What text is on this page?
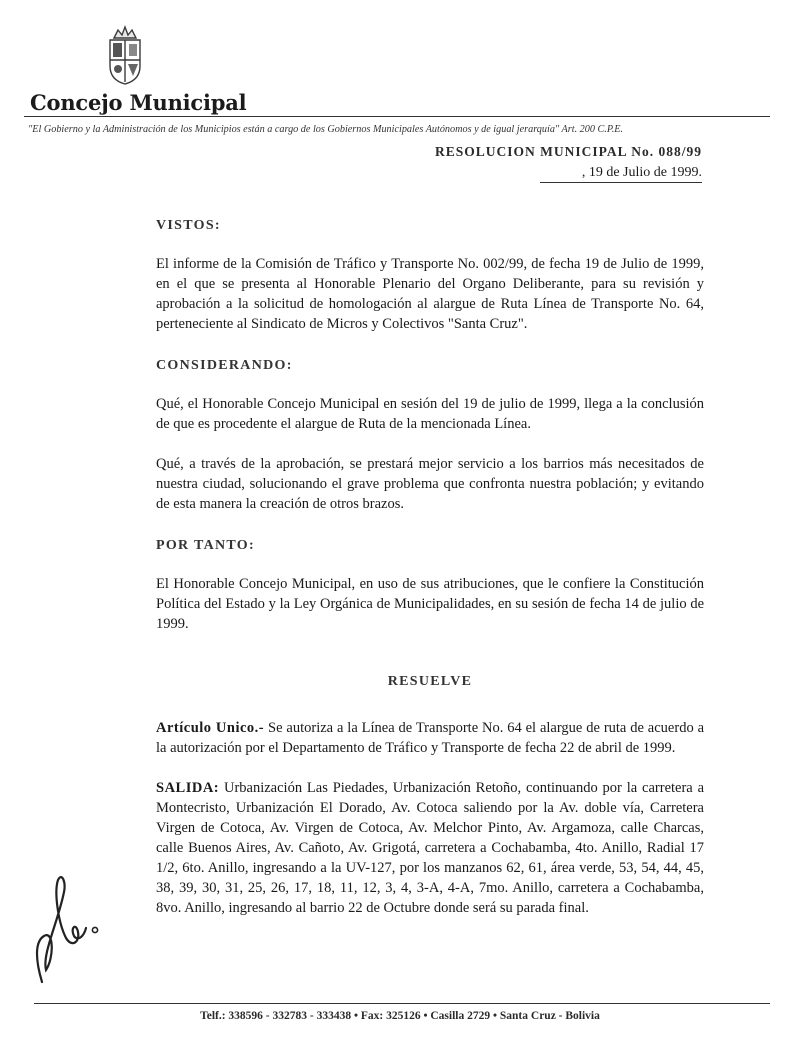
Concejo Municipal

"El Gobierno y la Administración de los Municipios están a cargo de los Gobiernos Municipales Autónomos y de igual jerarquía" Art. 200 C.P.E.

RESOLUCION MUNICIPAL No. 088/99

, 19 de Julio de 1999.
VISTOS:

El informe de la Comisión de Tráfico y Transporte No. 002/99, de fecha 19 de Julio de 1999, en el que se presenta al Honorable Plenario del Organo Deliberante, para su revisión y aprobación a la solicitud de homologación al alargue de Ruta Línea de Transporte No. 64, perteneciente al Sindicato de Micros y Colectivos "Santa Cruz".

CONSIDERANDO:

Qué, el Honorable Concejo Municipal en sesión del 19 de julio de 1999, llega a la conclusión de que es procedente el alargue de Ruta de la mencionada Línea.

Qué, a través de la aprobación, se prestará mejor servicio a los barrios más necesitados de nuestra ciudad, solucionando el grave problema que confronta nuestra población; y evitando de esta manera la creación de otros brazos.

POR TANTO:

El Honorable Concejo Municipal, en uso de sus atribuciones, que le confiere la Constitución Política del Estado y la Ley Orgánica de Municipalidades, en su sesión de fecha 14 de julio de 1999.

RESUELVE

Artículo Unico.- Se autoriza a la Línea de Transporte No. 64 el alargue de ruta de acuerdo a la autorización por el Departamento de Tráfico y Transporte de fecha 22 de abril de 1999.

SALIDA: Urbanización Las Piedades, Urbanización Retoño, continuando por la carretera a Montecristo, Urbanización El Dorado, Av. Cotoca saliendo por la Av. doble vía, Carretera Virgen de Cotoca, Av. Virgen de Cotoca, Av. Melchor Pinto, Av. Argamoza, calle Charcas, calle Buenos Aires, Av. Cañoto, Av. Grigotá, carretera a Cochabamba, 4to. Anillo, Radial 17 1/2, 6to. Anillo, ingresando a la UV-127, por los manzanos 62, 61, área verde, 53, 54, 44, 45, 38, 39, 30, 31, 25, 26, 17, 18, 11, 12, 3, 4, 3-A, 4-A, 7mo. Anillo, carretera a Cochabamba, 8vo. Anillo, ingresando al barrio 22 de Octubre donde será su parada final.

Telf.: 338596 - 332783 - 333438 • Fax: 325126 • Casilla 2729 • Santa Cruz - Bolivia
